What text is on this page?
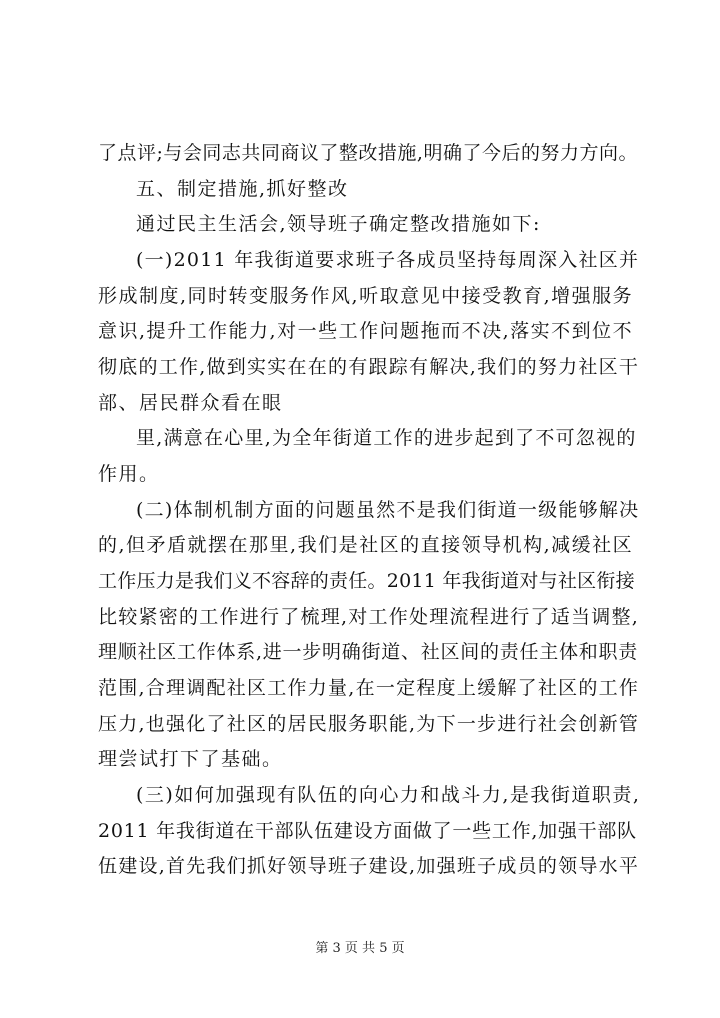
了点评;与会同志共同商议了整改措施,明确了今后的努力方向。
五、制定措施,抓好整改
通过民主生活会,领导班子确定整改措施如下:
(一)2011 年我街道要求班子各成员坚持每周深入社区并
形成制度,同时转变服务作风,听取意见中接受教育,增强服务
意识,提升工作能力,对一些工作问题拖而不决,落实不到位不
彻底的工作,做到实实在在的有跟踪有解决,我们的努力社区干
部、居民群众看在眼
里,满意在心里,为全年街道工作的进步起到了不可忽视的
作用。
(二)体制机制方面的问题虽然不是我们街道一级能够解决
的,但矛盾就摆在那里,我们是社区的直接领导机构,减缓社区
工作压力是我们义不容辞的责任。2011 年我街道对与社区衔接
比较紧密的工作进行了梳理,对工作处理流程进行了适当调整,
理顺社区工作体系,进一步明确街道、社区间的责任主体和职责
范围,合理调配社区工作力量,在一定程度上缓解了社区的工作
压力,也强化了社区的居民服务职能,为下一步进行社会创新管
理尝试打下了基础。
(三)如何加强现有队伍的向心力和战斗力,是我街道职责,
2011 年我街道在干部队伍建设方面做了一些工作,加强干部队
伍建设,首先我们抓好领导班子建设,加强班子成员的领导水平
第 3 页 共 5 页
